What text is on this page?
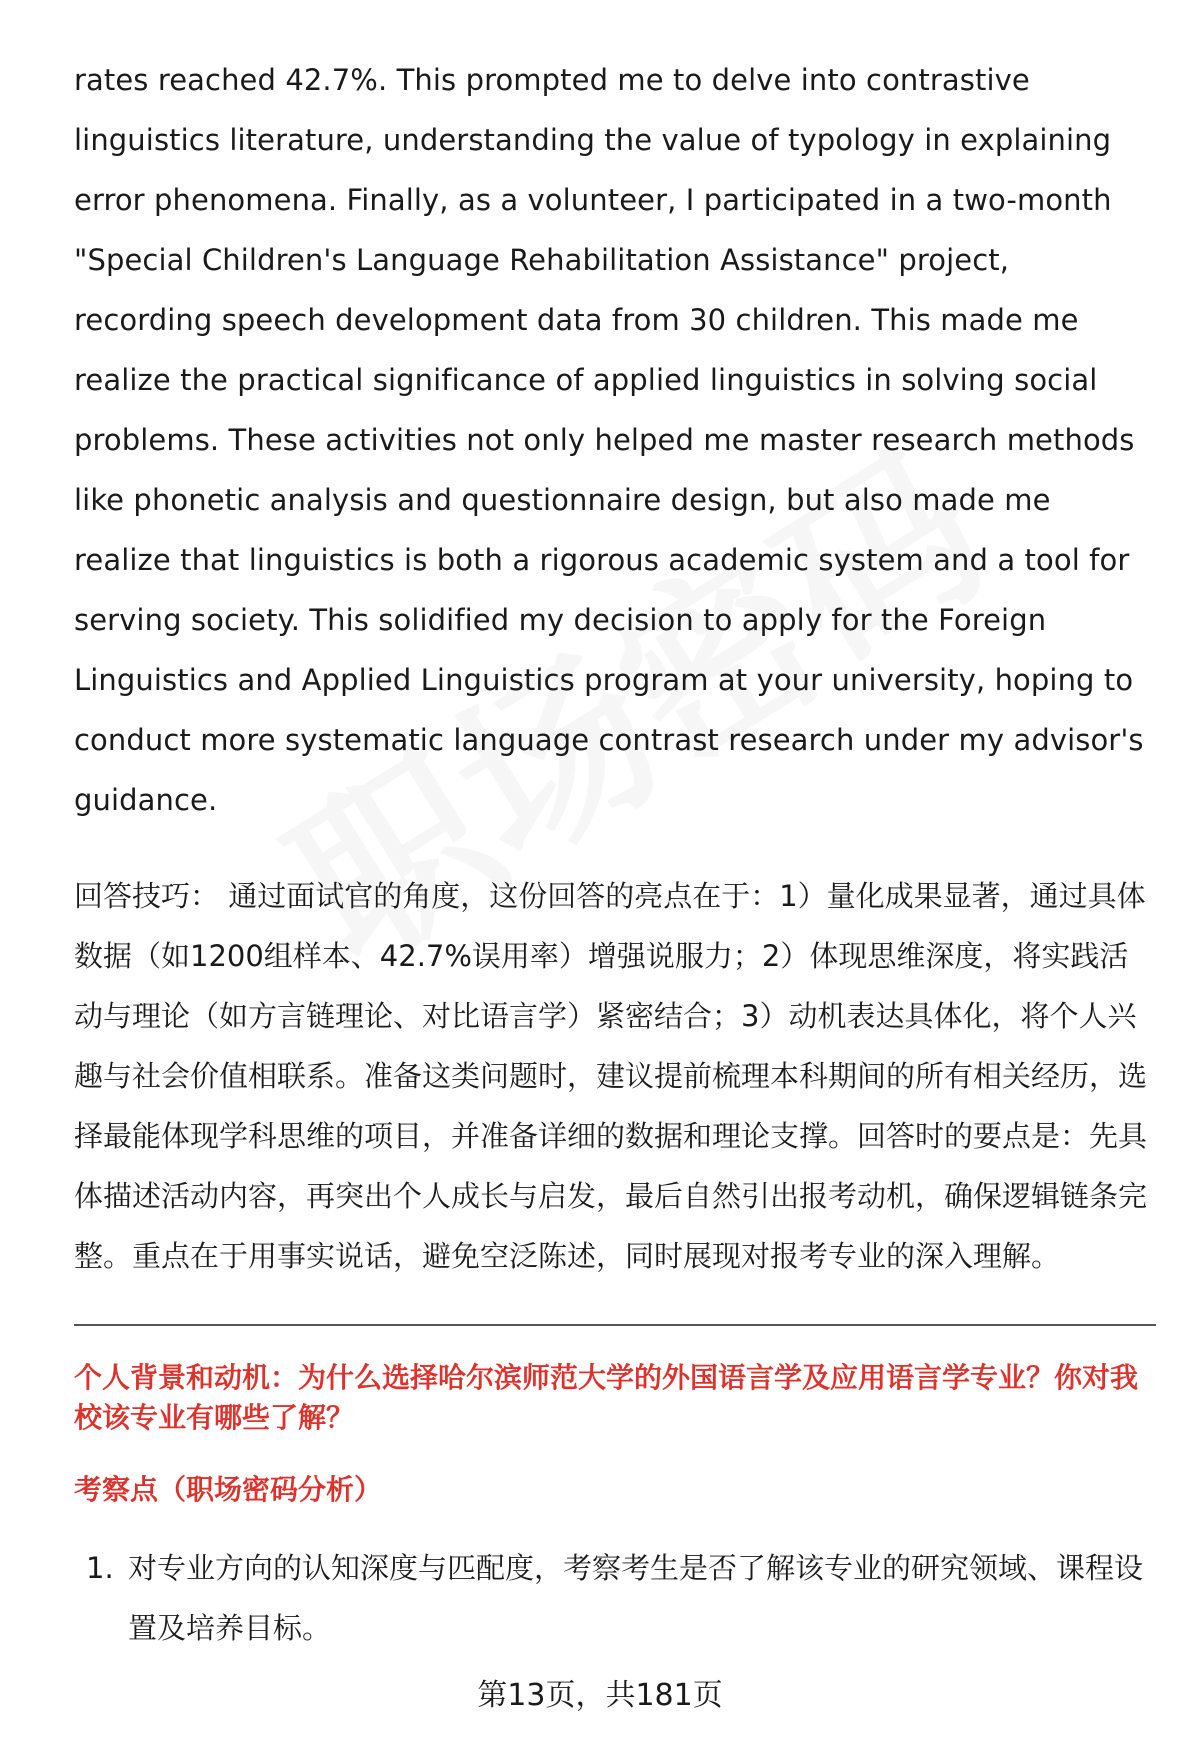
rates reached 42.7%. This prompted me to delve into contrastive linguistics literature, understanding the value of typology in explaining error phenomena. Finally, as a volunteer, I participated in a two-month "Special Children's Language Rehabilitation Assistance" project, recording speech development data from 30 children. This made me realize the practical significance of applied linguistics in solving social problems. These activities not only helped me master research methods like phonetic analysis and questionnaire design, but also made me realize that linguistics is both a rigorous academic system and a tool for serving society. This solidified my decision to apply for the Foreign Linguistics and Applied Linguistics program at your university, hoping to conduct more systematic language contrast research under my advisor's guidance.

回答技巧： 通过面试官的角度，这份回答的亮点在于：1）量化成果显著，通过具体数据（如1200组样本、42.7%误用率）增强说服力；2）体现思维深度，将实践活动与理论（如方言链理论、对比语言学）紧密结合；3）动机表达具体化，将个人兴趣与社会价值相联系。准备这类问题时，建议提前梳理本科期间的所有相关经历，选择最能体现学科思维的项目，并准备详细的数据和理论支撑。回答时的要点是：先具体描述活动内容，再突出个人成长与启发，最后自然引出报考动机，确保逻辑链条完整。重点在于用事实说话，避免空泛陈述，同时展现对报考专业的深入理解。

个人背景和动机：为什么选择哈尔滨师范大学的外国语言学及应用语言学专业？你对我校该专业有哪些了解？

考察点（职场密码分析）

1. 对专业方向的认知深度与匹配度，考察考生是否了解该专业的研究领域、课程设置及培养目标。
第13页，共181页
